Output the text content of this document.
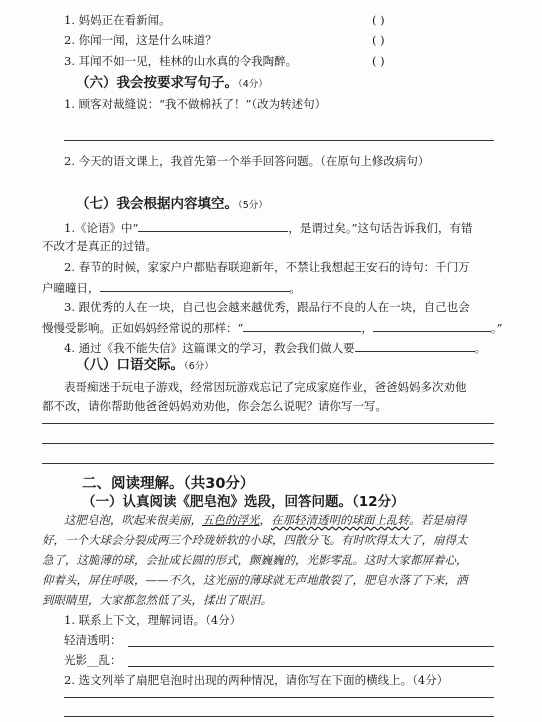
1. 妈妈正在看新闻。	( )
2. 你闻一闻，这是什么味道？	( )
3. 耳闻不如一见，桂林的山水真的令我陶醉。	( )
（六）我会按要求写句子。（4分）
1. 顾客对裁缝说：“我不做棉袄了！”（改为转述句）
2. 今天的语文课上，我首先第一个举手回答问题。（在原句上修改病句）
（七）我会根据内容填空。（5分）
1.《论语》中“	，是谓过矣。”这句话告诉我们，有错
不改才是真正的过错。
2. 春节的时候，家家户户都贴春联迎新年，不禁让我想起王安石的诗句：千门万
户曈曈日，	。
3. 跟优秀的人在一块，自己也会越来越优秀，跟品行不良的人在一块，自己也会
慢慢受影响。正如妈妈经常说的那样：“	，	。”
4. 通过《我不能失信》这篇课文的学习，教会我们做人要	。
（八）口语交际。（6分）
表哥痴迷于玩电子游戏，经常因玩游戏忘记了完成家庭作业，爸爸妈妈多次劝他
都不改，请你帮助他爸爸妈妈劝劝他，你会怎么说呢？请你写一写。
二、阅读理解。（共30分）
（一）认真阅读《肥皂泡》选段，回答问题。（12分）
这肥皂泡，吹起来很美丽，五色的浮光，在那轻清透明的球面上乱转。若是扇得
好，一个大球会分裂成两三个玲珑娇软的小球，四散分飞。有时吹得太大了，扇得太
急了，这脆薄的球，会扯成长圆的形式，颤巍巍的，光影零乱。这时大家都屏着心，
仰着头，屏住呼吸，——不久，这光丽的薄球就无声地散裂了，肥皂水落了下来，洒
到眼睛里，大家都忽然低了头，揉出了眼泪。
1. 联系上下文，理解词语。（4分）
轻清透明：
光影__乱：
2. 选文列举了扇肥皂泡时出现的两种情况，请你写在下面的横线上。（4分）
